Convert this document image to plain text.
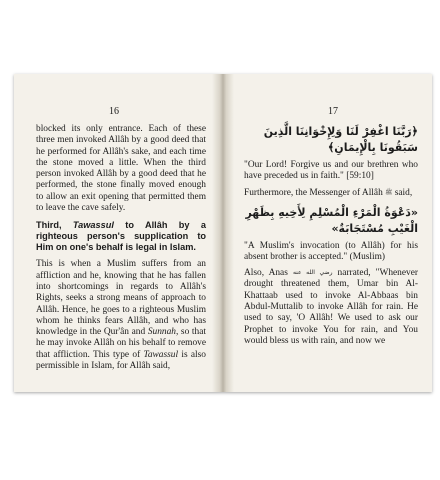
16

blocked its only entrance. Each of these three men invoked Allâh by a good deed that he performed for Allâh's sake, and each time the stone moved a little. When the third person invoked Allâh by a good deed that he performed, the stone finally moved enough to allow an exit opening that permitted them to leave the cave safely.

Third, Tawassul to Allâh by a righteous person's supplication to Him on one's behalf is legal in Islam.

This is when a Muslim suffers from an affliction and he, knowing that he has fallen into shortcomings in regards to Allâh's Rights, seeks a strong means of approach to Allâh. Hence, he goes to a righteous Muslim whom he thinks fears Allâh, and who has knowledge in the Qur'ân and Sunnah, so that he may invoke Allâh on his behalf to remove that affliction. This type of Tawassul is also permissible in Islam, for Allâh said,

17
﴿رَبَّنَا اغْفِرْ لَنَا وَلِإِخْوَانِنَا الَّذِينَ سَبَقُونَا بِالْإِيمَانِ﴾

"Our Lord! Forgive us and our brethren who have preceded us in faith." [59:10]

Furthermore, the Messenger of Allâh ﷺ said,

«دَعْوَةُ الْمَرْءِ الْمُسْلِمِ لِأَخِيهِ بِظَهْرِ الْغَيْبِ مُسْتَجَابَةٌ»

"A Muslim's invocation (to Allâh) for his absent brother is accepted." (Muslim)

Also, Anas رضي الله عنه narrated, "Whenever drought threatened them, Umar bin Al-Khattaab used to invoke Al-Abbaas bin Abdul-Muttalib to invoke Allâh for rain. He used to say, 'O Allâh! We used to ask our Prophet to invoke You for rain, and You would bless us with rain, and now we
